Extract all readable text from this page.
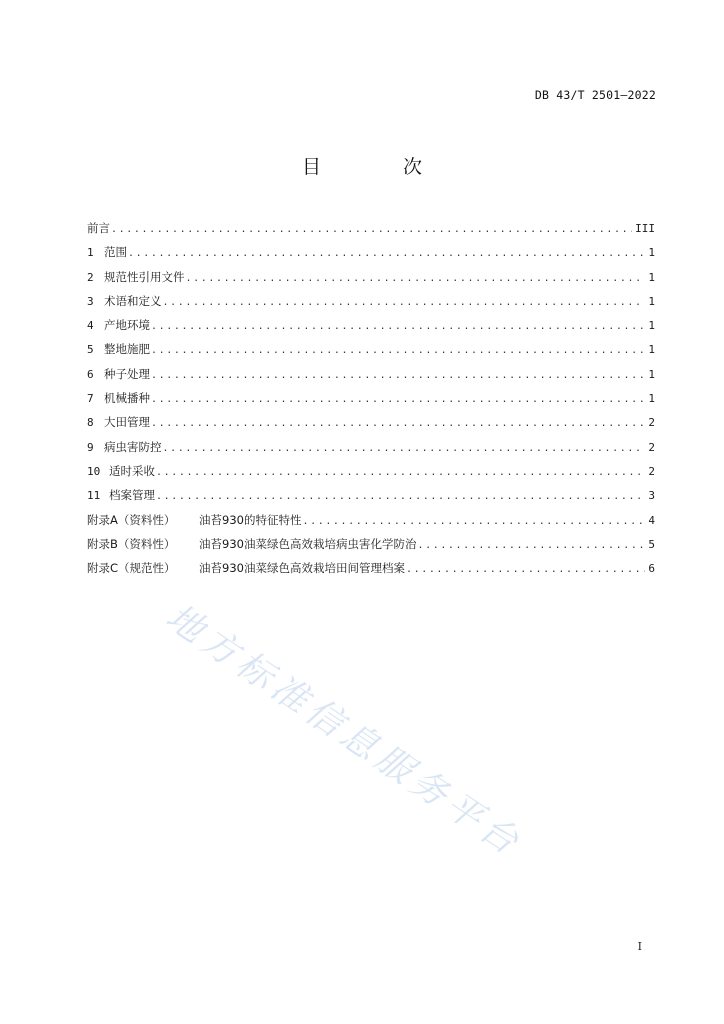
DB 43/T 2501—2022
目 次
前言 .....	III
1 范围 .....	1
2 规范性引用文件 .....	1
3 术语和定义 .....	1
4 产地环境 .....	1
5 整地施肥 .....	1
6 种子处理 .....	1
7 机械播种 .....	1
8 大田管理 .....	2
9 病虫害防控 .....	2
10 适时采收 .....	2
11 档案管理 .....	3
附录A（资料性）	油苔930的特征特性 .....	4
附录B（资料性）	油苔930油菜绿色高效栽培病虫害化学防治 .....	5
附录C（规范性）	油苔930油菜绿色高效栽培田间管理档案 .....	6
地方标准信息服务平台
I
